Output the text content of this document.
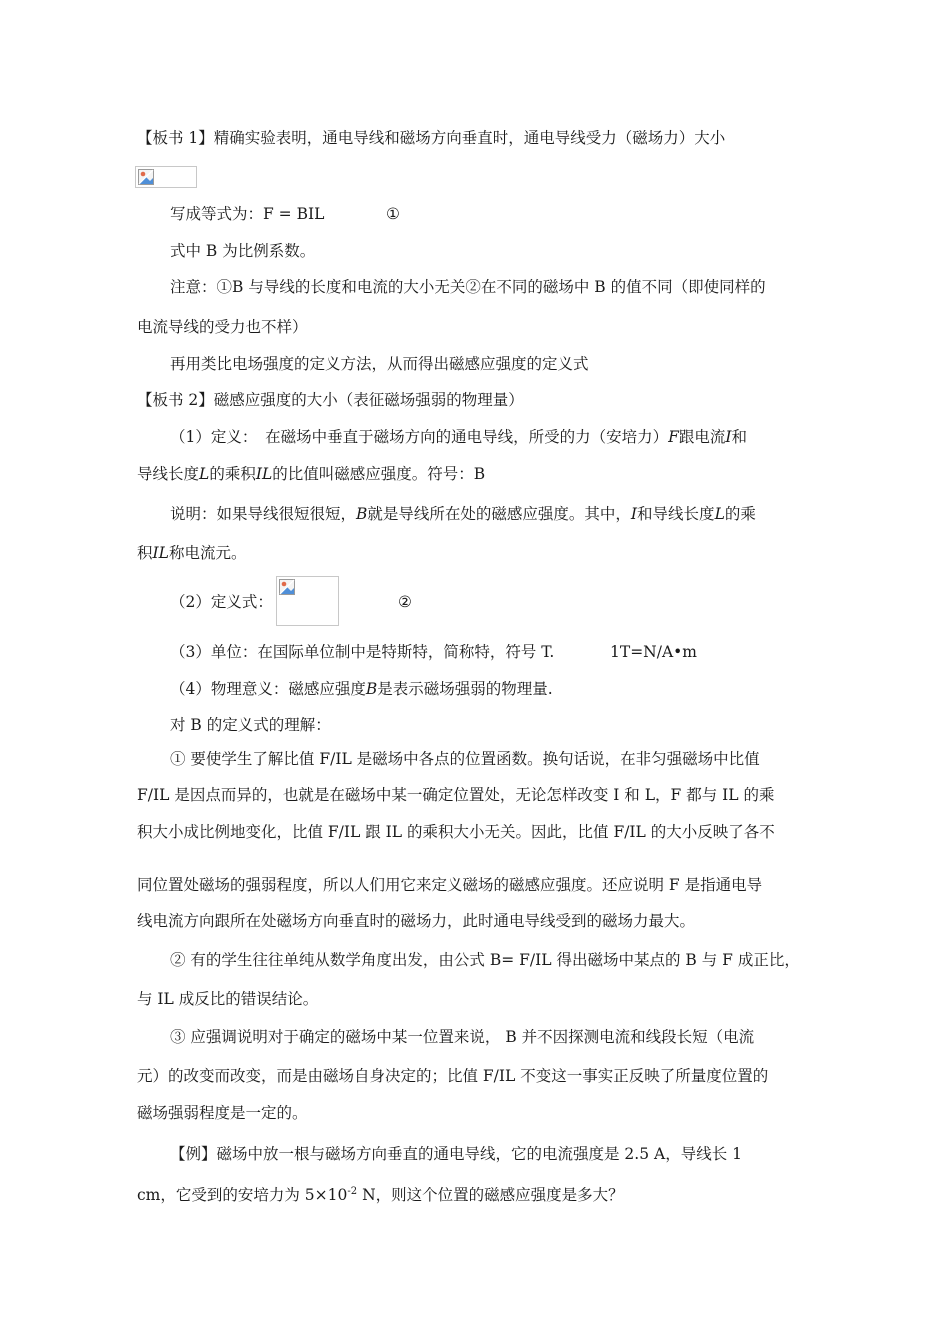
【板书 1】精确实验表明，通电导线和磁场方向垂直时，通电导线受力（磁场力）大小
写成等式为：F = BIL	①
式中 B 为比例系数。
注意：①B 与导线的长度和电流的大小无关②在不同的磁场中 B 的值不同（即使同样的
电流导线的受力也不样）
再用类比电场强度的定义方法，从而得出磁感应强度的定义式
【板书 2】磁感应强度的大小（表征磁场强弱的物理量）
（1）定义：　在磁场中垂直于磁场方向的通电导线，所受的力（安培力）F跟电流I和
导线长度L的乘积IL的比值叫磁感应强度。符号：B
说明：如果导线很短很短，B就是导线所在处的磁感应强度。其中，I和导线长度L的乘
积IL称电流元。
（2）定义式：	②
（3）单位：在国际单位制中是特斯特，简称特，符号 T.	1T=N/A•m
（4）物理意义：磁感应强度B是表示磁场强弱的物理量.
对 B 的定义式的理解：
① 要使学生了解比值 F/IL 是磁场中各点的位置函数。换句话说，在非匀强磁场中比值
F/IL 是因点而异的，也就是在磁场中某一确定位置处，无论怎样改变 I 和 L，F 都与 IL 的乘
积大小成比例地变化，比值 F/IL 跟 IL 的乘积大小无关。因此，比值 F/IL 的大小反映了各不
同位置处磁场的强弱程度，所以人们用它来定义磁场的磁感应强度。还应说明 F 是指通电导
线电流方向跟所在处磁场方向垂直时的磁场力，此时通电导线受到的磁场力最大。
② 有的学生往往单纯从数学角度出发，由公式 B= F/IL 得出磁场中某点的 B 与 F 成正比，
与 IL 成反比的错误结论。
③ 应强调说明对于确定的磁场中某一位置来说， B 并不因探测电流和线段长短（电流
元）的改变而改变，而是由磁场自身决定的；比值 F/IL 不变这一事实正反映了所量度位置的
磁场强弱程度是一定的。
【例】磁场中放一根与磁场方向垂直的通电导线，它的电流强度是 2.5 A，导线长 1
cm，它受到的安培力为 $5\times 10^{-2}$ N，则这个位置的磁感应强度是多大？
